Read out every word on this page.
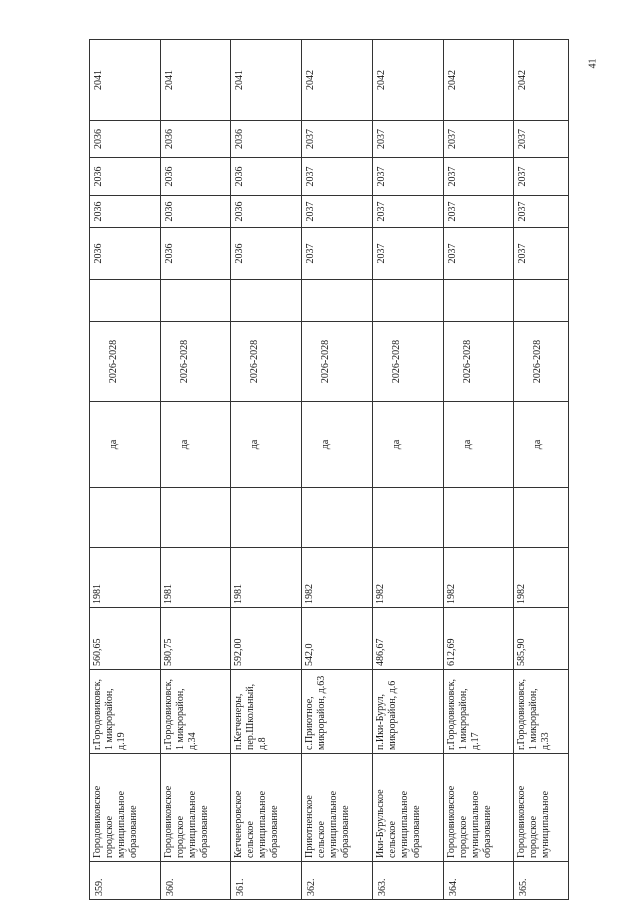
41
359.	Городовиковское городское муниципальное образование	г.Городовиковск, 1 микрорайон, д.19	560,65	1981		да	2026-2028		2036	2036	2036	2036	2041
360.	Городовиковское городское муниципальное образование	г.Городовиковск, 1 микрорайон, д.34	580,75	1981		да	2026-2028		2036	2036	2036	2036	2041
361.	Кетченеровское сельское муниципальное образование	п.Кетченеры, пер.Школьный, д.8	592,00	1981		да	2026-2028		2036	2036	2036	2036	2041
362.	Приютненское сельское муниципальное образование	с.Приютное, микрорайон, д.63	542,0	1982		да	2026-2028		2037	2037	2037	2037	2042
363.	Ики-Бурульское сельское муниципальное образование	п.Ики-Бурул, микрорайон, д.6	486,67	1982		да	2026-2028		2037	2037	2037	2037	2042
364.	Городовиковское городское муниципальное образование	г.Городовиковск, 1 микрорайон, д.17	612,69	1982		да	2026-2028		2037	2037	2037	2037	2042
365.	Городовиковское городское муниципальное	г.Городовиковск, 1 микрорайон, д.33	585,90	1982		да	2026-2028		2037	2037	2037	2037	2042
